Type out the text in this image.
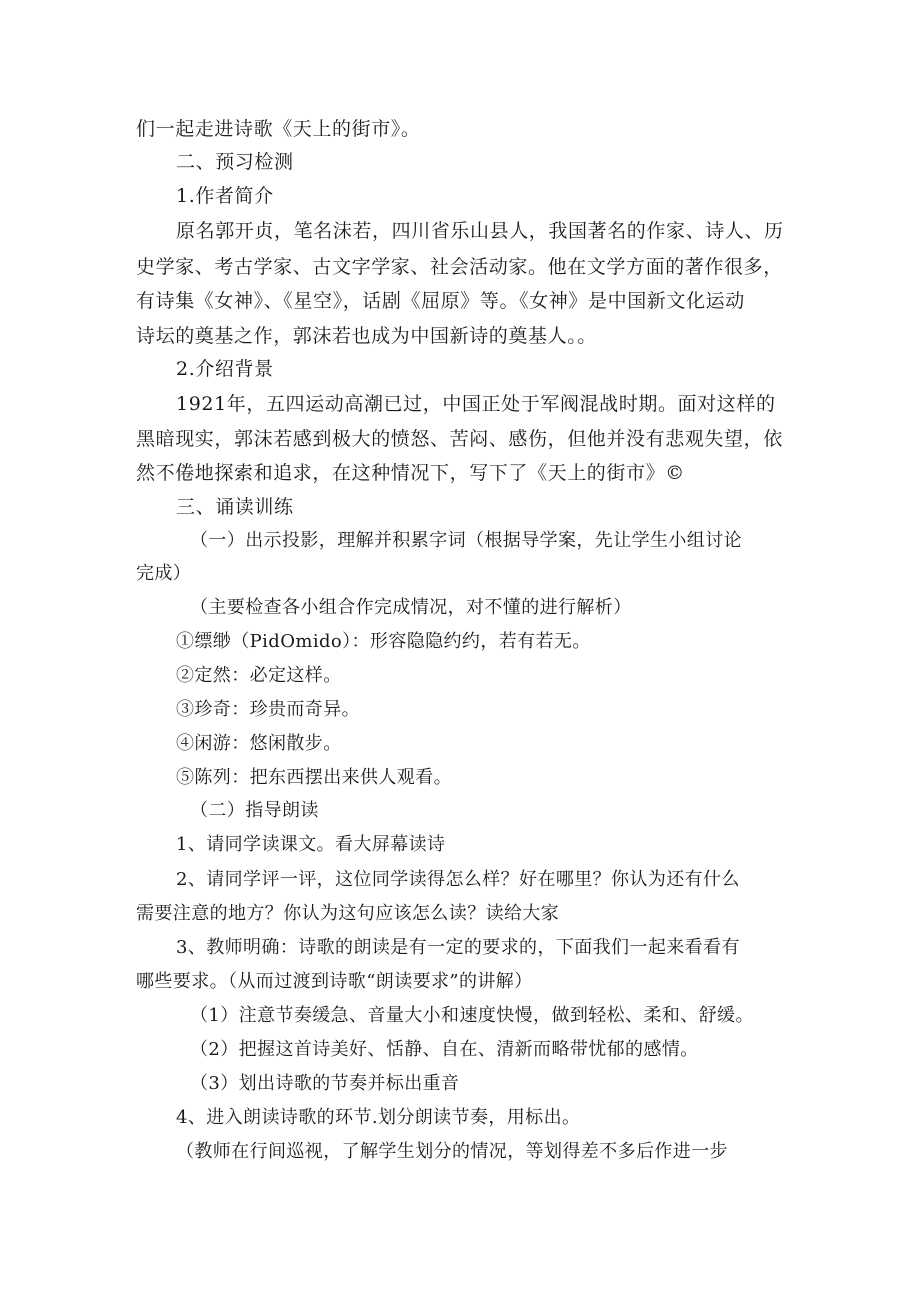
们一起走进诗歌《天上的街市》。
二、预习检测
1.作者简介
原名郭开贞，笔名沫若，四川省乐山县人，我国著名的作家、诗人、历
史学家、考古学家、古文字学家、社会活动家。他在文学方面的著作很多，
有诗集《女神》、《星空》，话剧《屈原》等。《女神》是中国新文化运动
诗坛的奠基之作，郭沫若也成为中国新诗的奠基人。。
2.介绍背景
1921年，五四运动高潮已过，中国正处于军阀混战时期。面对这样的
黑暗现实，郭沫若感到极大的愤怒、苦闷、感伤，但他并没有悲观失望，依
然不倦地探索和追求，在这种情况下，写下了《天上的街市》©
三、诵读训练
（一）出示投影，理解并积累字词（根据导学案，先让学生小组讨论
完成）
（主要检查各小组合作完成情况，对不懂的进行解析）
①缥缈（PidOmido）：形容隐隐约约，若有若无。
②定然：必定这样。
③珍奇：珍贵而奇异。
④闲游：悠闲散步。
⑤陈列：把东西摆出来供人观看。
（二）指导朗读
1、请同学读课文。看大屏幕读诗
2、请同学评一评，这位同学读得怎么样？好在哪里？你认为还有什么
需要注意的地方？你认为这句应该怎么读？读给大家
3、教师明确：诗歌的朗读是有一定的要求的，下面我们一起来看看有
哪些要求。（从而过渡到诗歌“朗读要求”的讲解）
（1）注意节奏缓急、音量大小和速度快慢，做到轻松、柔和、舒缓。
（2）把握这首诗美好、恬静、自在、清新而略带忧郁的感情。
（3）划出诗歌的节奏并标出重音
4、进入朗读诗歌的环节.划分朗读节奏，用标出。
（教师在行间巡视，了解学生划分的情况，等划得差不多后作进一步
